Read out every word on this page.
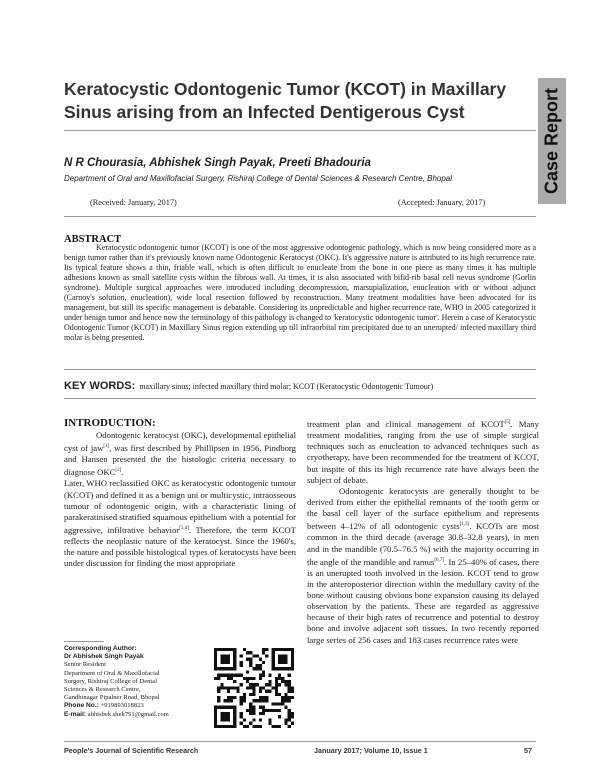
Keratocystic Odontogenic Tumor (KCOT) in Maxillary
Sinus arising from an Infected Dentigerous Cyst	Case Report
N R Chourasia, Abhishek Singh Payak, Preeti Bhadouria
Department of Oral and Maxillofacial Surgery, Rishiraj College of Dental Sciences & Research Centre, Bhopal
(Received: January, 2017)	(Accepted: January, 2017)
ABSTRACT

Keratocystic odontogenic tumor (KCOT) is one of the most aggressive odontogenic pathology, which is now being considered more as a benign tumor rather than it's previously known name Odontogenic Keratocyst (OKC). It's aggressive nature is attributed to its high recurrence rate. Its typical feature shows a thin, friable wall, which is often difficult to enucleate from the bone in one piece as many times it has multiple adhesions known as small satellite cysts within the fibrous wall. At times, it is also associated with bifid-rib basal cell nevus syndrome (Gorlin syndrome). Multiple surgical approaches were introduced including decompression, marsupialization, enucleation with or without adjunct (Carnoy's solution, enucleation), wide local resection followed by reconstruction. Many treatment modalities have been advocated for its management, but still its specific management is debatable. Considering its unpredictable and higher recurrence rate, WHO in 2005 categorized it under benign tumor and hence now the terminology of this pathology is changed to 'keratocystic odontogenic tumor'. Herein a case of Keratocystic Odontogenic Tumor (KCOT) in Maxillary Sinus region extending up till infraorbital rim precipitated due to an unerupted/ infected maxillary third molar is being presented.

KEY WORDS: maxillary sinus; infected maxillary third molar; KCOT (Keratocystic Odontogenic Tumour)
INTRODUCTION:

Odontogenic keratocyst (OKC), developmental epithelial cyst of jaw[1], was first described by Phillipsen in 1956. Pindborg and Hansen presented the the histologic criteria necessary to diagnose OKC[2].

Later, WHO reclassified OKC as keratocystic odontogenic tumour (KCOT) and defined it as a benign uni or multicystic, intraosseous tumour of odontogenic origin, with a characteristic lining of parakeratinised stratified squamous epithelium with a potential for aggressive, infiltrative behavior[3,4]. Therefore, the term KCOT reflects the neoplastic nature of the keratocyst. Since the 1960's, the nature and possible histological types of keratocysts have been under discussion for finding the most appropriate

treatment plan and clinical management of KCOT[5]. Many treatment modalities, ranging from the use of simple surgical techniques such as enucleation to advanced techniques such as cryotherapy, have been recommended for the treatment of KCOT, but inspite of this its high recurrence rate have always been the subject of debate.

Odontogenic keratocysts are generally thought to be derived from either the epithelial remnants of the tooth germ or the basal cell layer of the surface epithelium and represents between 4–12% of all odontogenic cysts[1,3]. KCOTs are most common in the third decade (average 30.8–32.8 years), in men and in the mandible (70.5–76.5 %) with the majority occurring in the angle of the mandible and ramus[6,7]. In 25–40% of cases, there is an unerupted tooth involved in the lesion. KCOT tend to grow in the anteroposterior direction within the medullary cavity of the bone without causing obvious bone expansion causing its delayed observation by the patients. These are regarded as aggressive because of their high rates of recurrence and potential to destroy bone and involve adjacent soft tissues. In two recently reported large series of 256 cases and 183 cases recurrence rates were

Corresponding Author:
Dr Abhishek Singh Payak
Senior Resident
Department of Oral & Maxillofacial
Surgery, Rishiraj College of Dental
Sciences & Research Centre,
Gandhinagar Pipalner Road, Bhopal
Phone No.: +919893018823
E-mail: abhisbek.shek791@gmail.com
People's Journal of Scientific Research	January 2017; Volume 10, Issue 1	57
